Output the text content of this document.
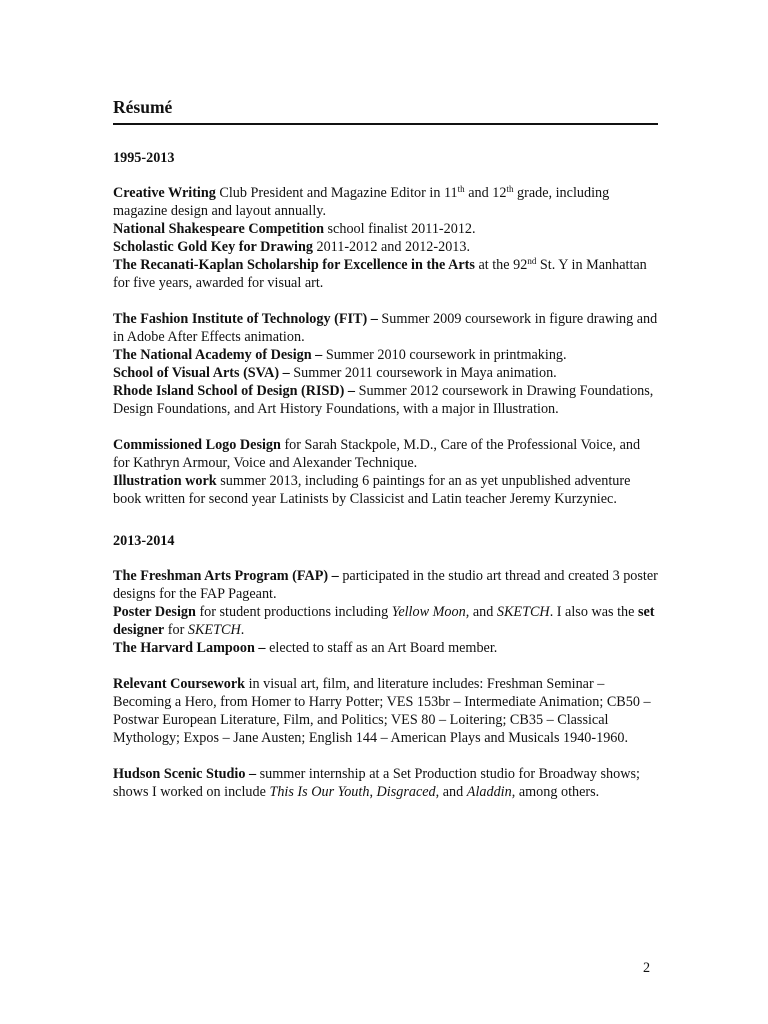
Résumé
1995-2013

Creative Writing Club President and Magazine Editor in 11th and 12th grade, including magazine design and layout annually.

National Shakespeare Competition school finalist 2011-2012.

Scholastic Gold Key for Drawing 2011-2012 and 2012-2013.

The Recanati-Kaplan Scholarship for Excellence in the Arts at the 92nd St. Y in Manhattan for five years, awarded for visual art.

The Fashion Institute of Technology (FIT) – Summer 2009 coursework in figure drawing and in Adobe After Effects animation.

The National Academy of Design – Summer 2010 coursework in printmaking.

School of Visual Arts (SVA) – Summer 2011 coursework in Maya animation.

Rhode Island School of Design (RISD) – Summer 2012 coursework in Drawing Foundations, Design Foundations, and Art History Foundations, with a major in Illustration.

Commissioned Logo Design for Sarah Stackpole, M.D., Care of the Professional Voice, and for Kathryn Armour, Voice and Alexander Technique.

Illustration work summer 2013, including 6 paintings for an as yet unpublished adventure book written for second year Latinists by Classicist and Latin teacher Jeremy Kurzyniec.

2013-2014

The Freshman Arts Program (FAP) – participated in the studio art thread and created 3 poster designs for the FAP Pageant.

Poster Design for student productions including Yellow Moon, and SKETCH. I also was the set designer for SKETCH.

The Harvard Lampoon – elected to staff as an Art Board member.

Relevant Coursework in visual art, film, and literature includes: Freshman Seminar – Becoming a Hero, from Homer to Harry Potter; VES 153br – Intermediate Animation; CB50 – Postwar European Literature, Film, and Politics; VES 80 – Loitering; CB35 – Classical Mythology; Expos – Jane Austen; English 144 – American Plays and Musicals 1940-1960.

Hudson Scenic Studio – summer internship at a Set Production studio for Broadway shows; shows I worked on include This Is Our Youth, Disgraced, and Aladdin, among others.

2
